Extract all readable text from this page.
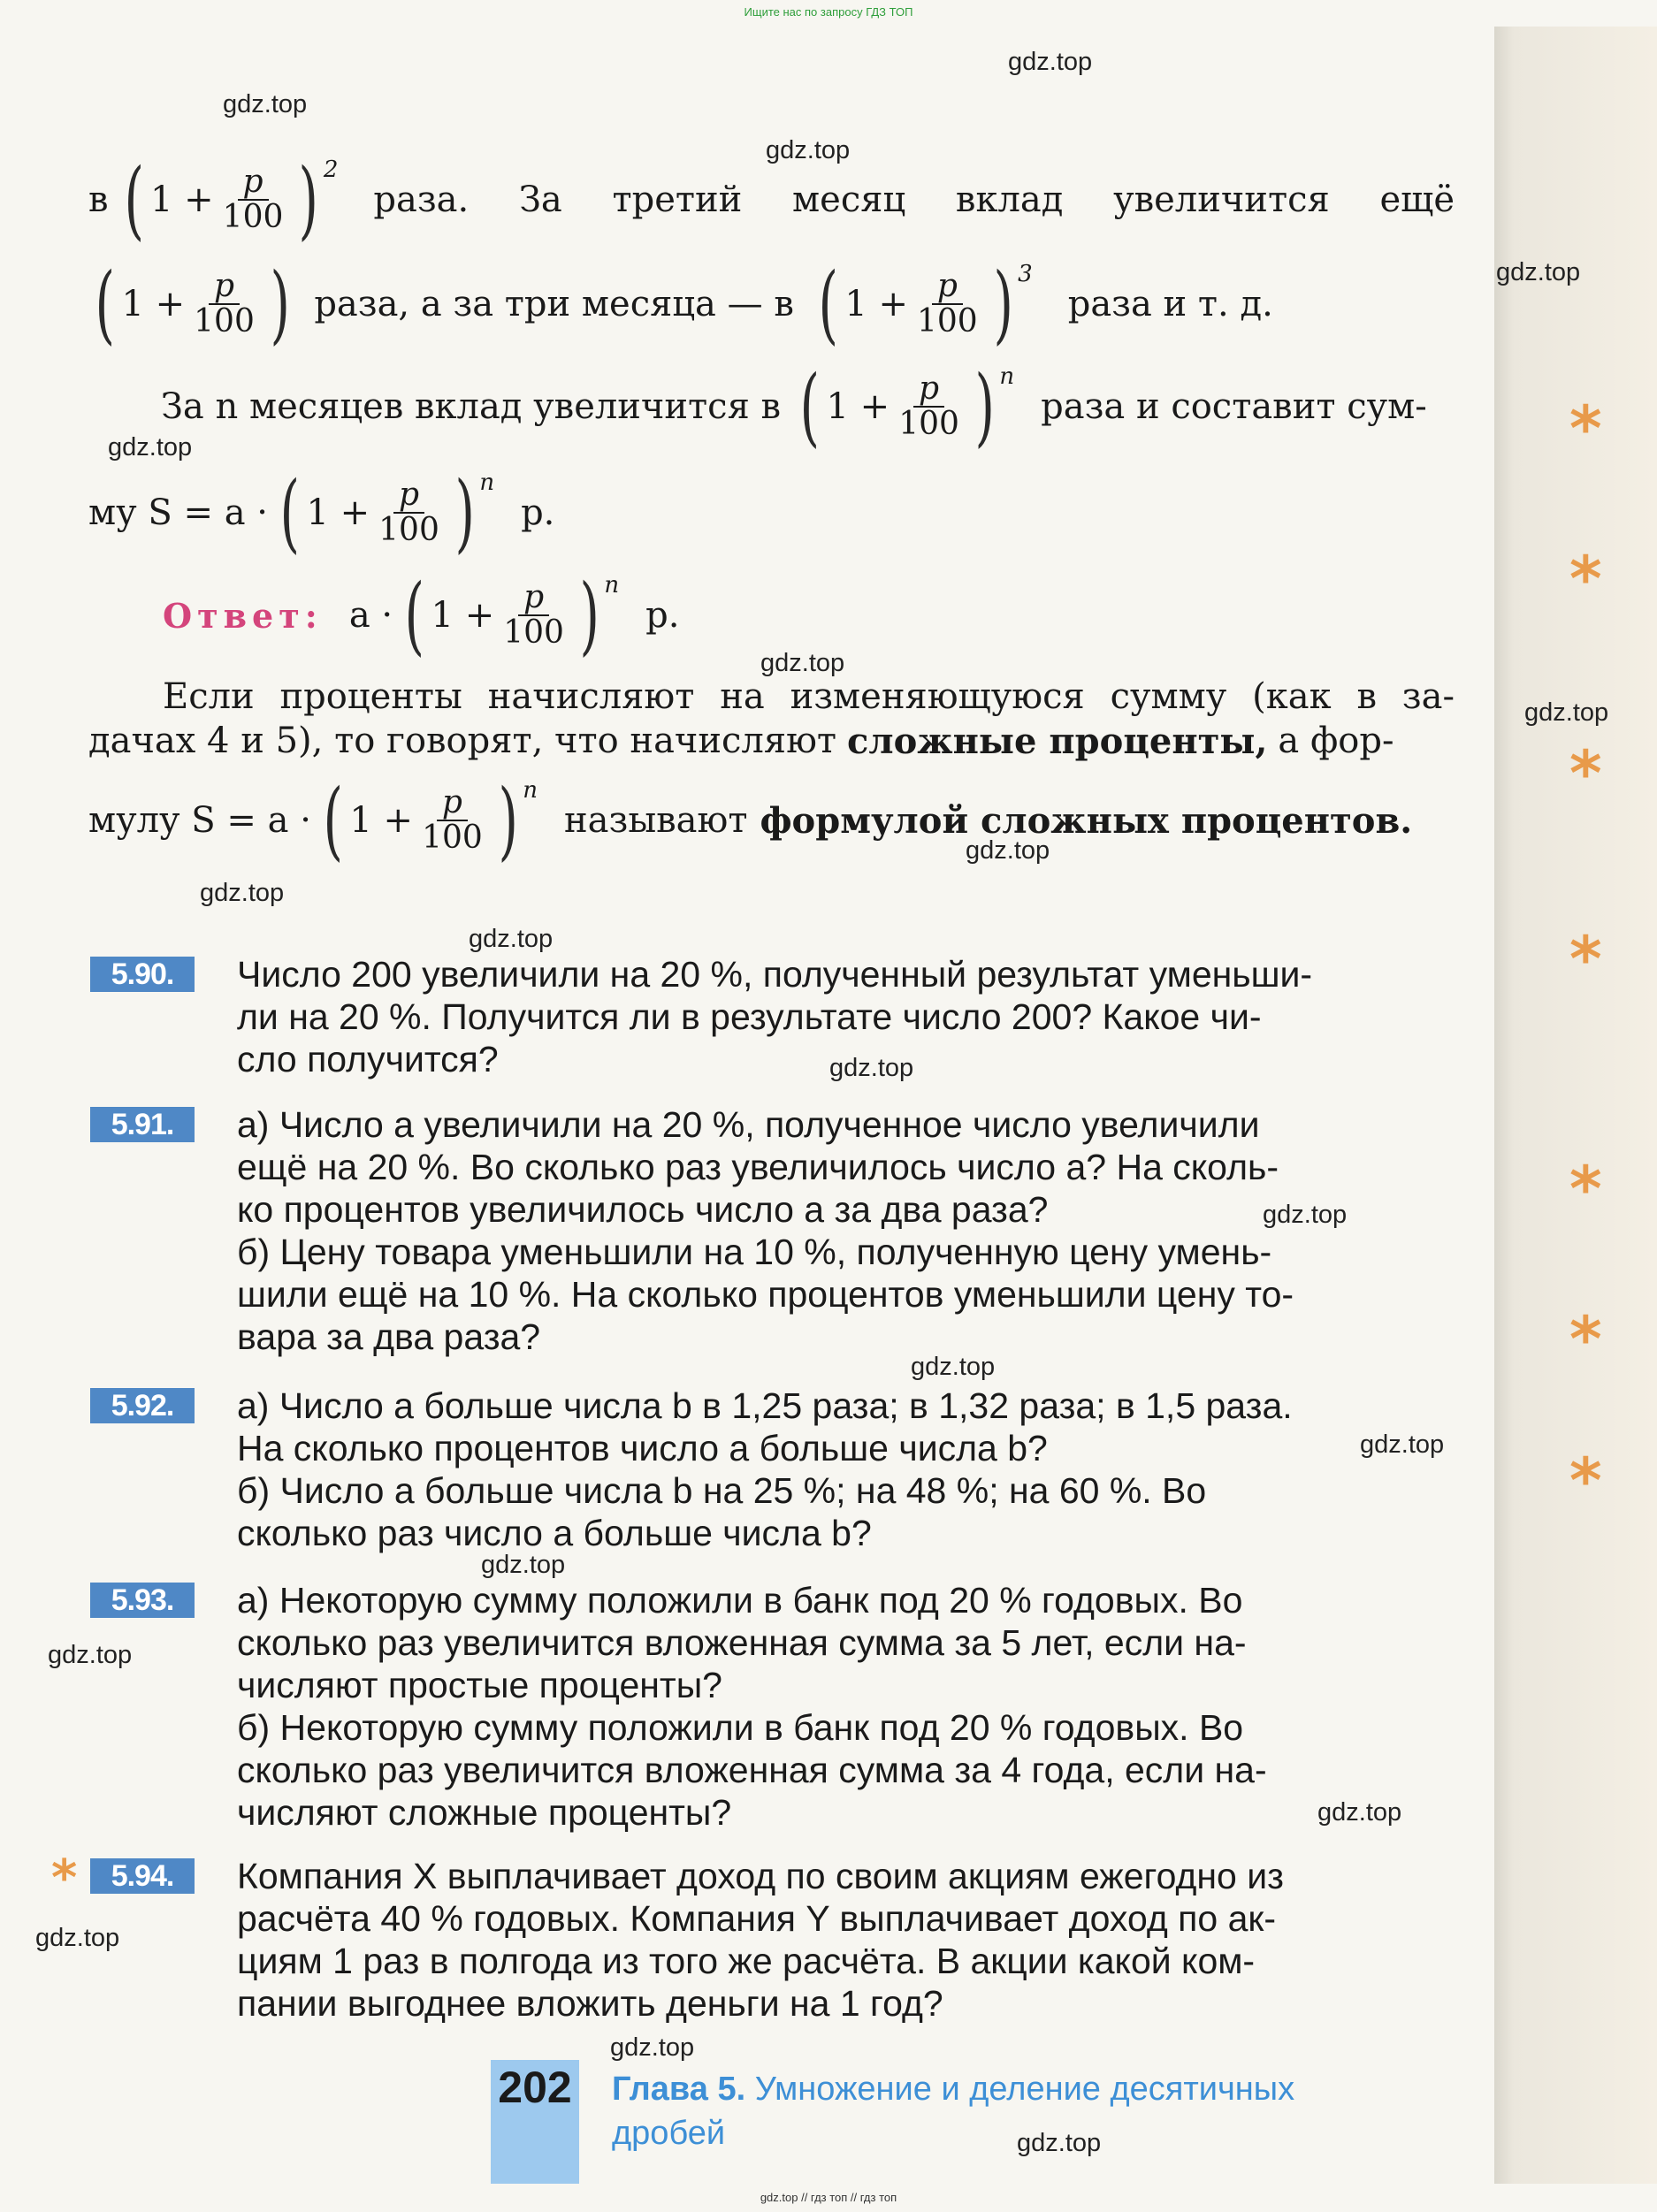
*
*
*
*
*
*
*
Ищите нас по запросу ГДЗ ТОП
gdz.top
gdz.top
gdz.top
gdz.top
gdz.top
gdz.top
gdz.top
gdz.top
gdz.top
gdz.top
gdz.top
gdz.top
gdz.top
gdz.top
gdz.top
gdz.top
gdz.top
gdz.top
gdz.top
gdz.top
в ( $1 + \frac{p}{100}$ ) 2
раза. За третий месяц вклад увеличится ещё
( $1 + \frac{p}{100}$ ) раза, а за три месяца — в ( $1 + \frac{p}{100}$ ) 3
раза и т. д.
За n месяцев вклад увеличится в ( $1 + \frac{p}{100}$ ) n
раза и составит сум-
му S = a · ( $1 + \frac{p}{100}$ ) n
р.
Ответ: a · ( $1 + \frac{p}{100}$ ) n
р.
Если проценты начисляют на изменяющуюся сумму (как в за-
дачах 4 и 5), то говорят, что начисляют сложные проценты, а фор-
мулу S = a · ( $1 + \frac{p}{100}$ ) n
называют формулой сложных процентов.
5.90.	Число 200 увеличили на 20 %, полученный результат уменьши-
ли на 20 %. Получится ли в результате число 200? Какое чи-
сло получится?
5.91.	а) Число a увеличили на 20 %, полученное число увеличили
ещё на 20 %. Во сколько раз увеличилось число a? На сколь-
ко процентов увеличилось число a за два раза?
б) Цену товара уменьшили на 10 %, полученную цену умень-
шили ещё на 10 %. На сколько процентов уменьшили цену то-
вара за два раза?
5.92.	а) Число a больше числа b в 1,25 раза; в 1,32 раза; в 1,5 раза.
На сколько процентов число a больше числа b?
б) Число a больше числа b на 25 %; на 48 %; на 60 %. Во
сколько раз число a больше числа b?
5.93.	а) Некоторую сумму положили в банк под 20 % годовых. Во
сколько раз увеличится вложенная сумма за 5 лет, если на-
числяют простые проценты?
б) Некоторую сумму положили в банк под 20 % годовых. Во
сколько раз увеличится вложенная сумма за 4 года, если на-
числяют сложные проценты?
*	5.94.	Компания X выплачивает доход по своим акциям ежегодно из
расчёта 40 % годовых. Компания Y выплачивает доход по ак-
циям 1 раз в полгода из того же расчёта. В акции какой ком-
пании выгоднее вложить деньги на 1 год?
202 Глава 5. Умножение и деление десятичных
дробей
gdz.top // гдз топ // гдз топ
